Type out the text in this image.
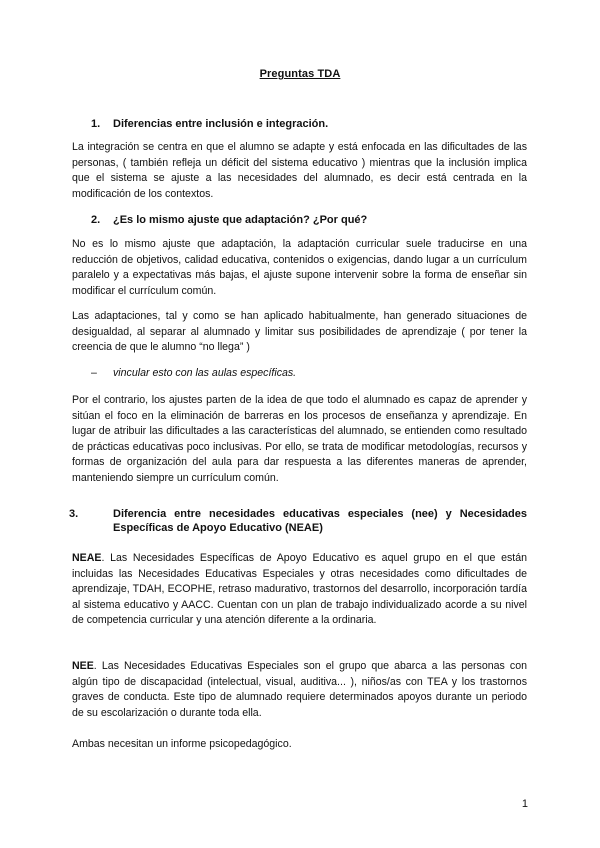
Preguntas TDA
1. Diferencias entre inclusión e integración.

La integración se centra en que el alumno se adapte y está enfocada en las dificultades de las personas, ( también refleja un déficit del sistema educativo ) mientras que la inclusión implica que el sistema se ajuste a las necesidades del alumnado, es decir está centrada en la modificación de los contextos.

2. ¿Es lo mismo ajuste que adaptación? ¿Por qué?

No es lo mismo ajuste que adaptación, la adaptación curricular suele traducirse en una reducción de objetivos, calidad educativa, contenidos o exigencias, dando lugar a un currículum paralelo y a expectativas más bajas, el ajuste supone intervenir sobre la forma de enseñar sin modificar el currículum común.

Las adaptaciones, tal y como se han aplicado habitualmente, han generado situaciones de desigualdad, al separar al alumnado y limitar sus posibilidades de aprendizaje ( por tener la creencia de que le alumno “no llega” )

– vincular esto con las aulas específicas.

Por el contrario, los ajustes parten de la idea de que todo el alumnado es capaz de aprender y sitúan el foco en la eliminación de barreras en los procesos de enseñanza y aprendizaje. En lugar de atribuir las dificultades a las características del alumnado, se entienden como resultado de prácticas educativas poco inclusivas. Por ello, se trata de modificar metodologías, recursos y formas de organización del aula para dar respuesta a las diferentes maneras de aprender, manteniendo siempre un currículum común.

3.	Diferencia entre necesidades educativas especiales (nee) y Necesidades Específicas de Apoyo Educativo (NEAE)

NEAE. Las Necesidades Específicas de Apoyo Educativo es aquel grupo en el que están incluidas las Necesidades Educativas Especiales y otras necesidades como dificultades de aprendizaje, TDAH, ECOPHE, retraso madurativo, trastornos del desarrollo, incorporación tardía al sistema educativo y AACC. Cuentan con un plan de trabajo individualizado acorde a su nivel de competencia curricular y una atención diferente a la ordinaria.

NEE. Las Necesidades Educativas Especiales son el grupo que abarca a las personas con algún tipo de discapacidad (intelectual, visual, auditiva... ), niños/as con TEA y los trastornos graves de conducta. Este tipo de alumnado requiere determinados apoyos durante un periodo de su escolarización o durante toda ella.

Ambas necesitan un informe psicopedagógico.

1
